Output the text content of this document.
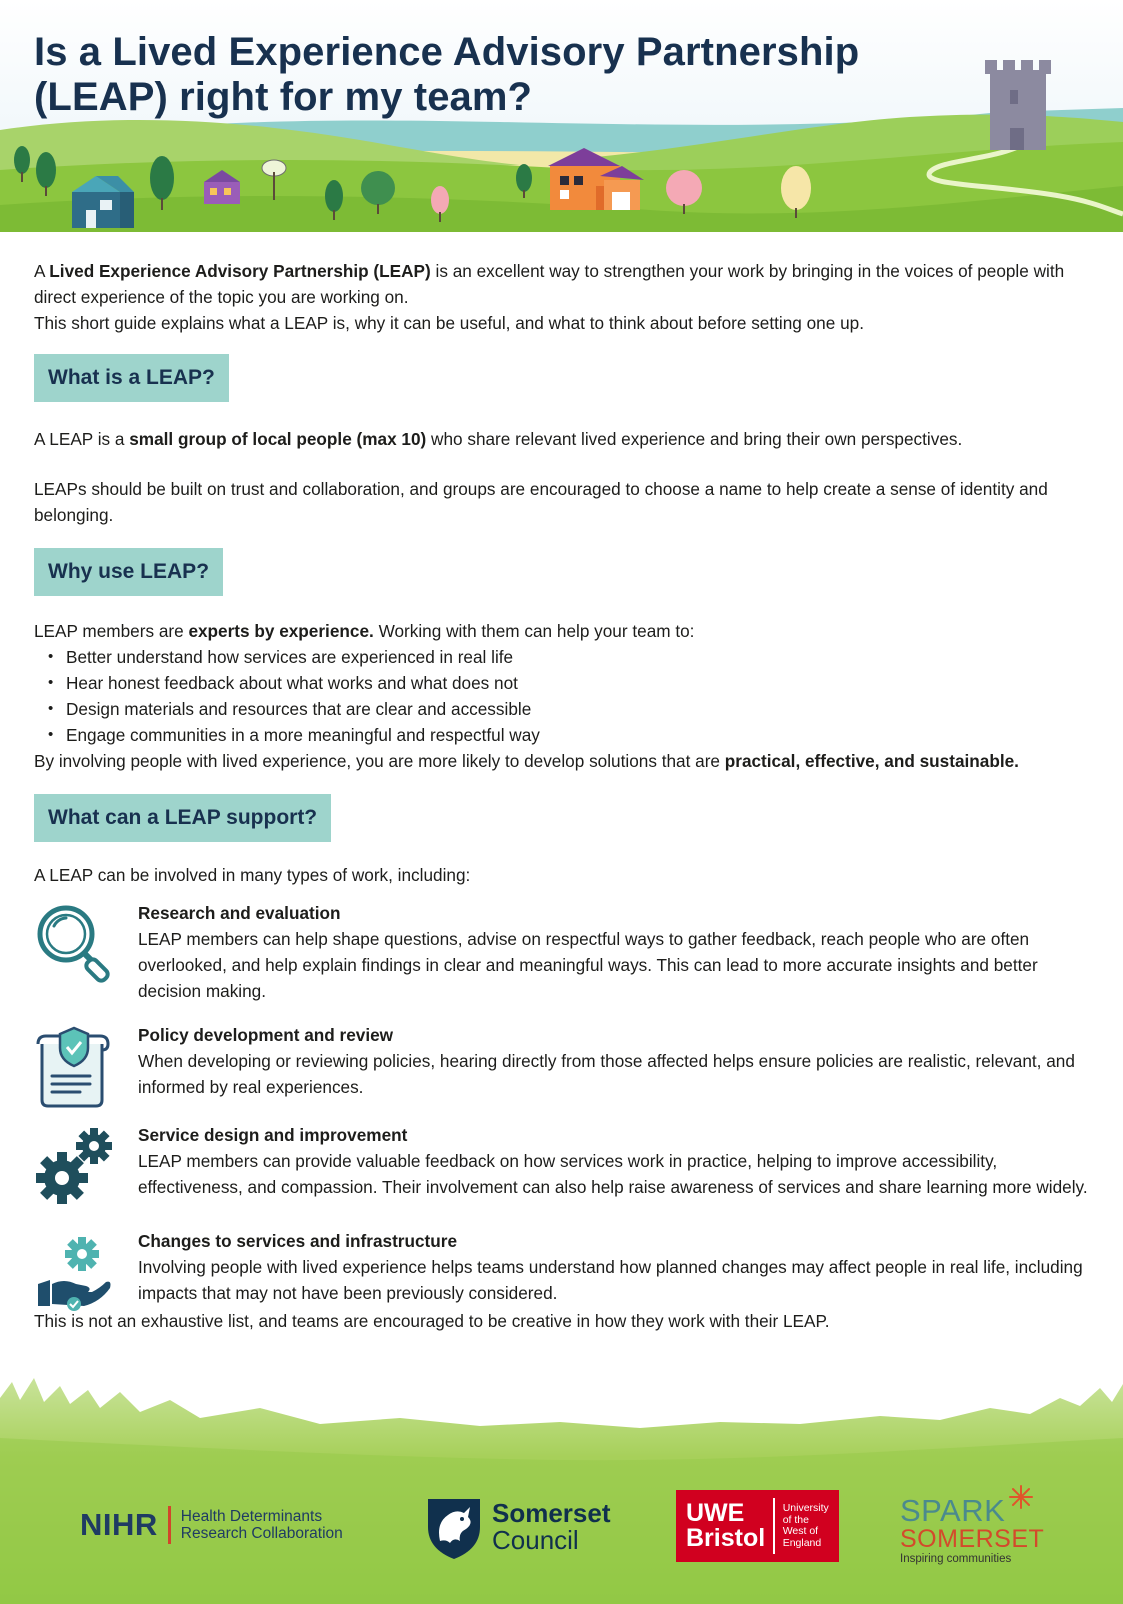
Is a Lived Experience Advisory Partnership
(LEAP) right for my team?

A Lived Experience Advisory Partnership (LEAP) is an excellent way to strengthen your work by bringing in the voices of people with direct experience of the topic you are working on.

This short guide explains what a LEAP is, why it can be useful, and what to think about before setting one up.

What is a LEAP?

A LEAP is a small group of local people (max 10) who share relevant lived experience and bring their own perspectives.

LEAPs should be built on trust and collaboration, and groups are encouraged to choose a name to help create a sense of identity and belonging.

Why use LEAP?

LEAP members are experts by experience. Working with them can help your team to:

• Better understand how services are experienced in real life
• Hear honest feedback about what works and what does not
• Design materials and resources that are clear and accessible
• Engage communities in a more meaningful and respectful way

By involving people with lived experience, you are more likely to develop solutions that are practical, effective, and sustainable.

What can a LEAP support?

A LEAP can be involved in many types of work, including:

Research and evaluation
LEAP members can help shape questions, advise on respectful ways to gather feedback, reach people who are often overlooked, and help explain findings in clear and meaningful ways. This can lead to more accurate insights and better decision making.
Policy development and review
When developing or reviewing policies, hearing directly from those affected helps ensure policies are realistic, relevant, and informed by real experiences.
Service design and improvement
LEAP members can provide valuable feedback on how services work in practice, helping to improve accessibility, effectiveness, and compassion. Their involvement can also help raise awareness of services and share learning more widely.
Changes to services and infrastructure
Involving people with lived experience helps teams understand how planned changes may affect people in real life, including impacts that may not have been previously considered.

This is not an exhaustive list, and teams are encouraged to be creative in how they work with their LEAP.

NIHR Health Determinants
Research Collaboration
Somerset
Council
UWE
Bristol
University
of the
West of
England
SPARK
SOMERSET
Inspiring communities
